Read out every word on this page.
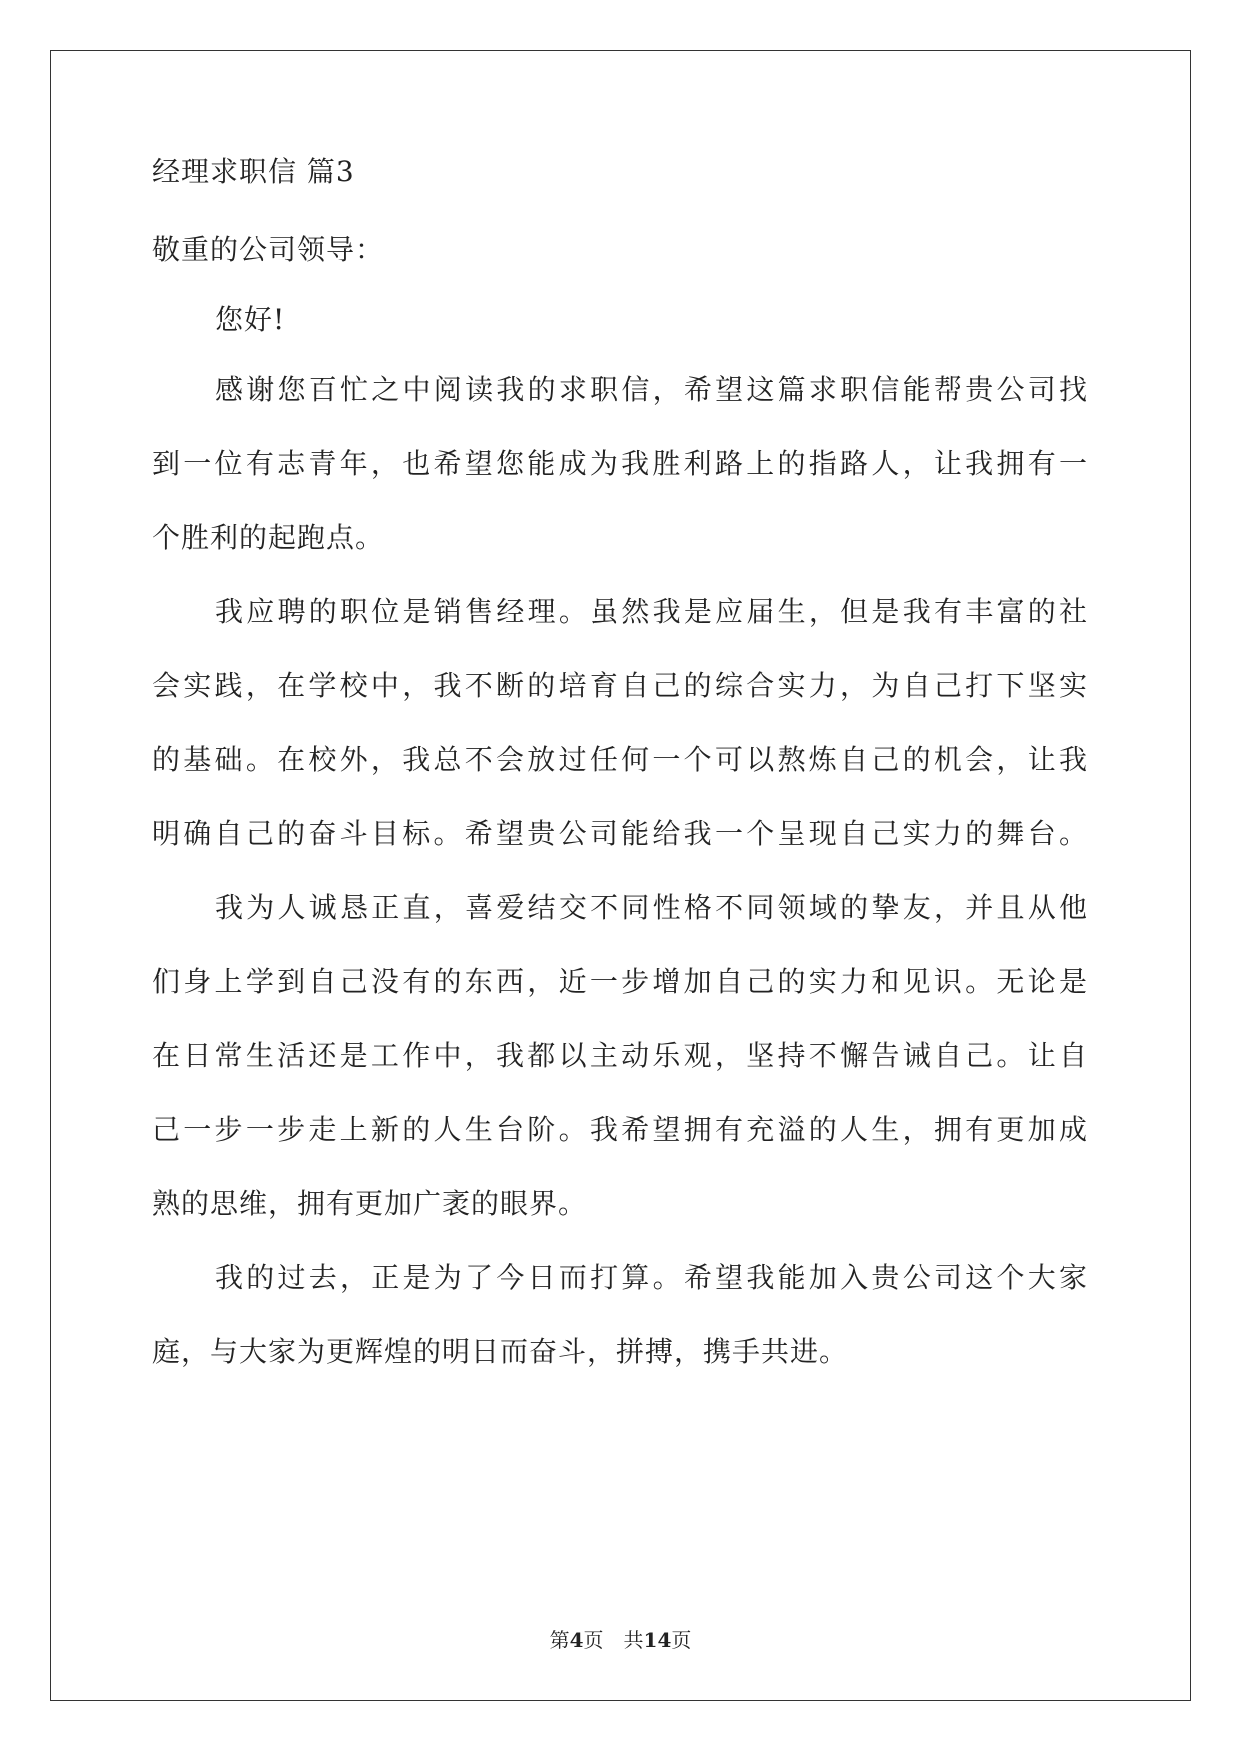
经理求职信 篇3
敬重的公司领导：
您好!
感谢您百忙之中阅读我的求职信，希望这篇求职信能帮贵公司找
到一位有志青年，也希望您能成为我胜利路上的指路人，让我拥有一
个胜利的起跑点。
我应聘的职位是销售经理。虽然我是应届生，但是我有丰富的社
会实践，在学校中，我不断的培育自己的综合实力，为自己打下坚实
的基础。在校外，我总不会放过任何一个可以熬炼自己的机会，让我
明确自己的奋斗目标。希望贵公司能给我一个呈现自己实力的舞台。
我为人诚恳正直，喜爱结交不同性格不同领域的挚友，并且从他
们身上学到自己没有的东西，近一步增加自己的实力和见识。无论是
在日常生活还是工作中，我都以主动乐观，坚持不懈告诫自己。让自
己一步一步走上新的人生台阶。我希望拥有充溢的人生，拥有更加成
熟的思维，拥有更加广袤的眼界。
我的过去，正是为了今日而打算。希望我能加入贵公司这个大家
庭，与大家为更辉煌的明日而奋斗，拼搏，携手共进。
第4页　共14页
